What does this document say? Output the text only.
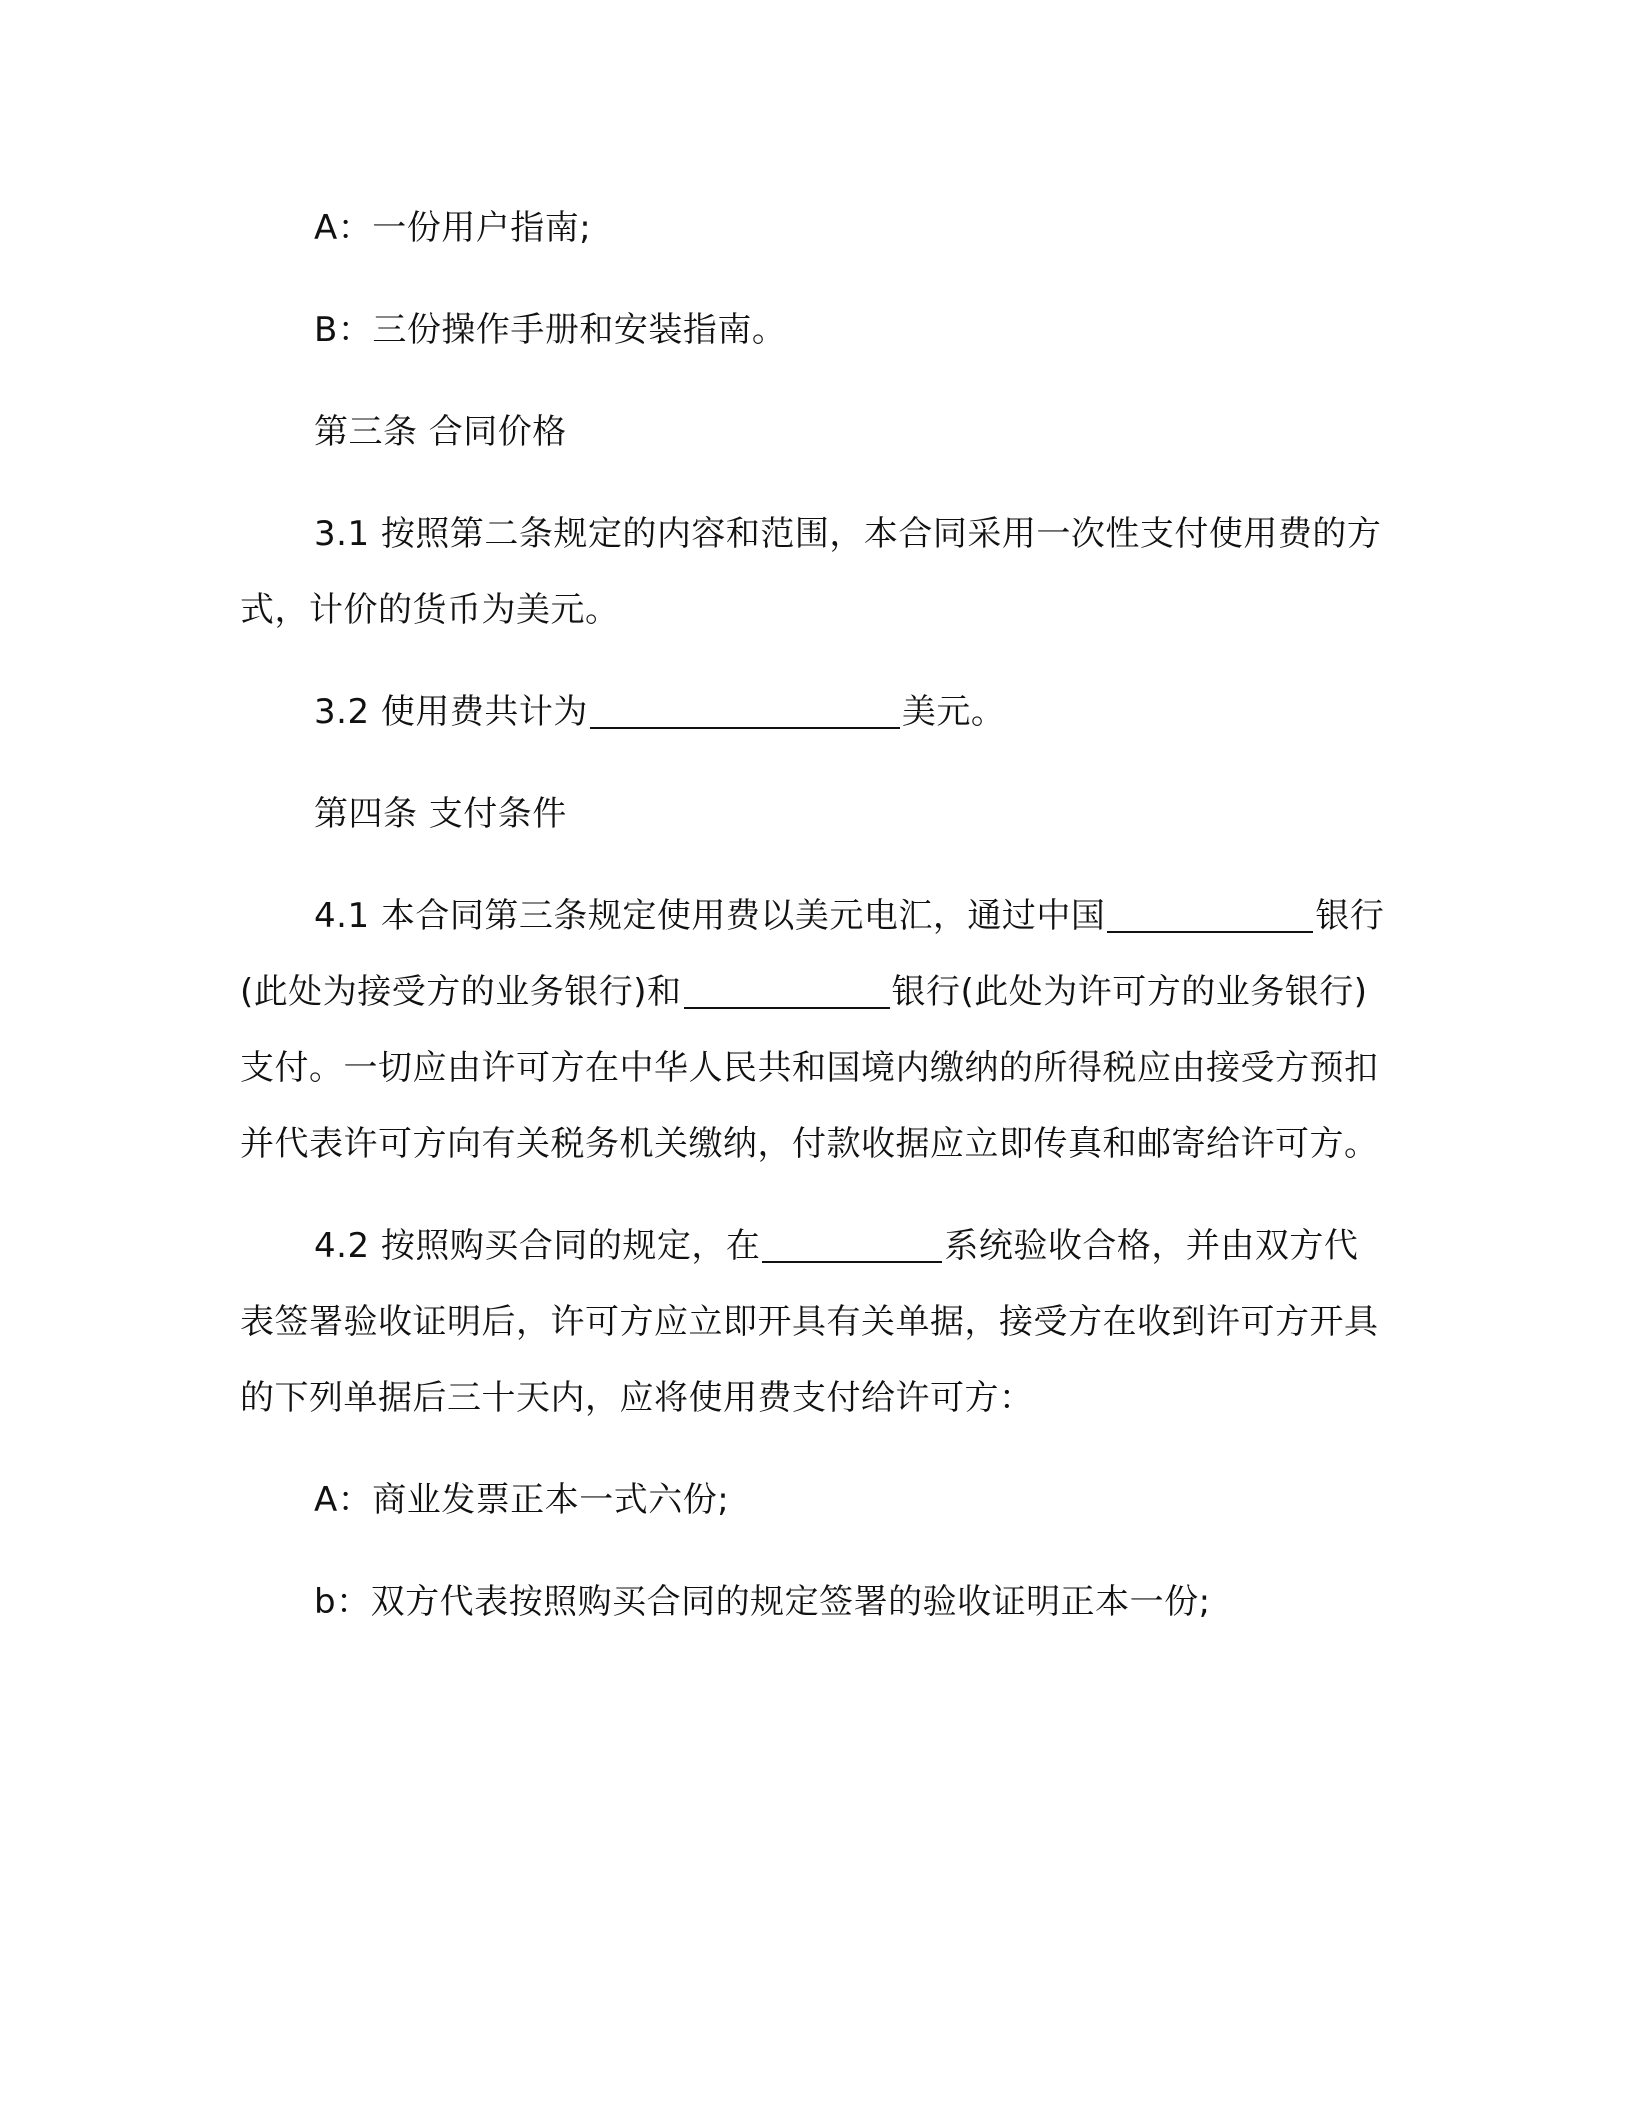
A：一份用户指南;

B：三份操作手册和安装指南。

第三条 合同价格

3.1 按照第二条规定的内容和范围，本合同采用一次性支付使用费的方式，计价的货币为美元。

3.2 使用费共计为	美元。

第四条 支付条件

4.1 本合同第三条规定使用费以美元电汇，通过中国	银行(此处为接受方的业务银行)和	银行(此处为许可方的业务银行)支付。一切应由许可方在中华人民共和国境内缴纳的所得税应由接受方预扣并代表许可方向有关税务机关缴纳，付款收据应立即传真和邮寄给许可方。

4.2 按照购买合同的规定，在	系统验收合格，并由双方代表签署验收证明后，许可方应立即开具有关单据，接受方在收到许可方开具的下列单据后三十天内，应将使用费支付给许可方：

A：商业发票正本一式六份;

b：双方代表按照购买合同的规定签署的验收证明正本一份;
